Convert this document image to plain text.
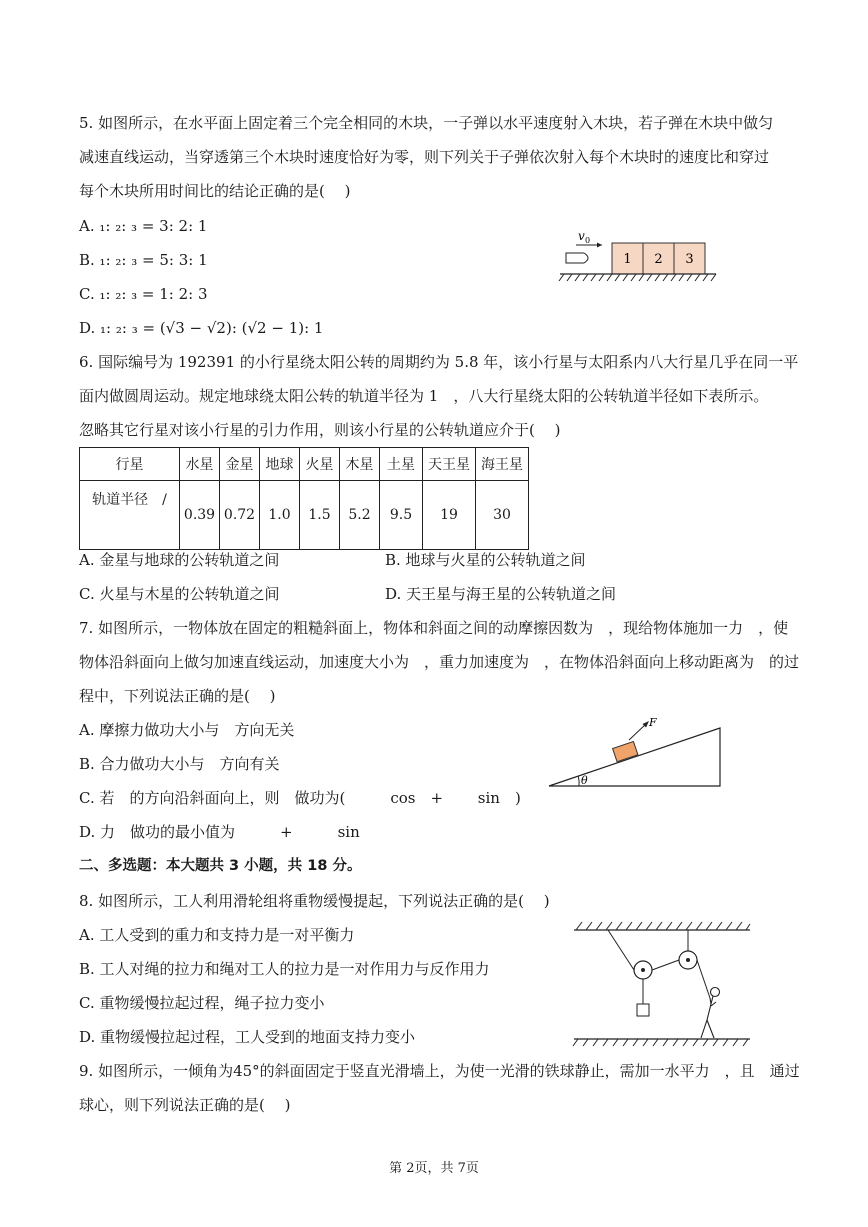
5. 如图所示，在水平面上固定着三个完全相同的木块，一子弹以水平速度射入木块，若子弹在木块中做匀
减速直线运动，当穿透第三个木块时速度恰好为零，则下列关于子弹依次射入每个木块时的速度比和穿过
每个木块所用时间比的结论正确的是(　 )
A. ₁: ₂: ₃ = 3: 2: 1
B. ₁: ₂: ₃ = 5: 3: 1
C. ₁: ₂: ₃ = 1: 2: 3
D. ₁: ₂: ₃ = (√3 − √2): (√2 − 1): 1
v 0
1 2 3
6. 国际编号为 192391 的小行星绕太阳公转的周期约为 5.8 年，该小行星与太阳系内八大行星几乎在同一平
面内做圆周运动。规定地球绕太阳公转的轨道半径为 1　，八大行星绕太阳的公转轨道半径如下表所示。
忽略其它行星对该小行星的引力作用，则该小行星的公转轨道应介于(　 )
行星	水星	金星	地球	火星	木星	土星	天王星	海王星
轨道半径　/	0.39	0.72	1.0	1.5	5.2	9.5	19	30
A. 金星与地球的公转轨道之间	B. 地球与火星的公转轨道之间
C. 火星与木星的公转轨道之间	D. 天王星与海王星的公转轨道之间
7. 如图所示，一物体放在固定的粗糙斜面上，物体和斜面之间的动摩擦因数为　，现给物体施加一力　，使
物体沿斜面向上做匀加速直线运动，加速度大小为　，重力加速度为　，在物体沿斜面向上移动距离为　的过
程中，下列说法正确的是(　 )
A. 摩擦力做功大小与　方向无关
B. 合力做功大小与　方向有关
C. 若　的方向沿斜面向上，则　做功为(　　　cos　+　　 sin　)
D. 力　做功的最小值为　　　+　　　sin
θ
F
二、多选题：本大题共 3 小题，共 18 分。
8. 如图所示，工人利用滑轮组将重物缓慢提起，下列说法正确的是(　 )
A. 工人受到的重力和支持力是一对平衡力
B. 工人对绳的拉力和绳对工人的拉力是一对作用力与反作用力
C. 重物缓慢拉起过程，绳子拉力变小
D. 重物缓慢拉起过程，工人受到的地面支持力变小
9. 如图所示，一倾角为45°的斜面固定于竖直光滑墙上，为使一光滑的铁球静止，需加一水平力　，且　通过
球心，则下列说法正确的是(　 )
第 2页，共 7页
